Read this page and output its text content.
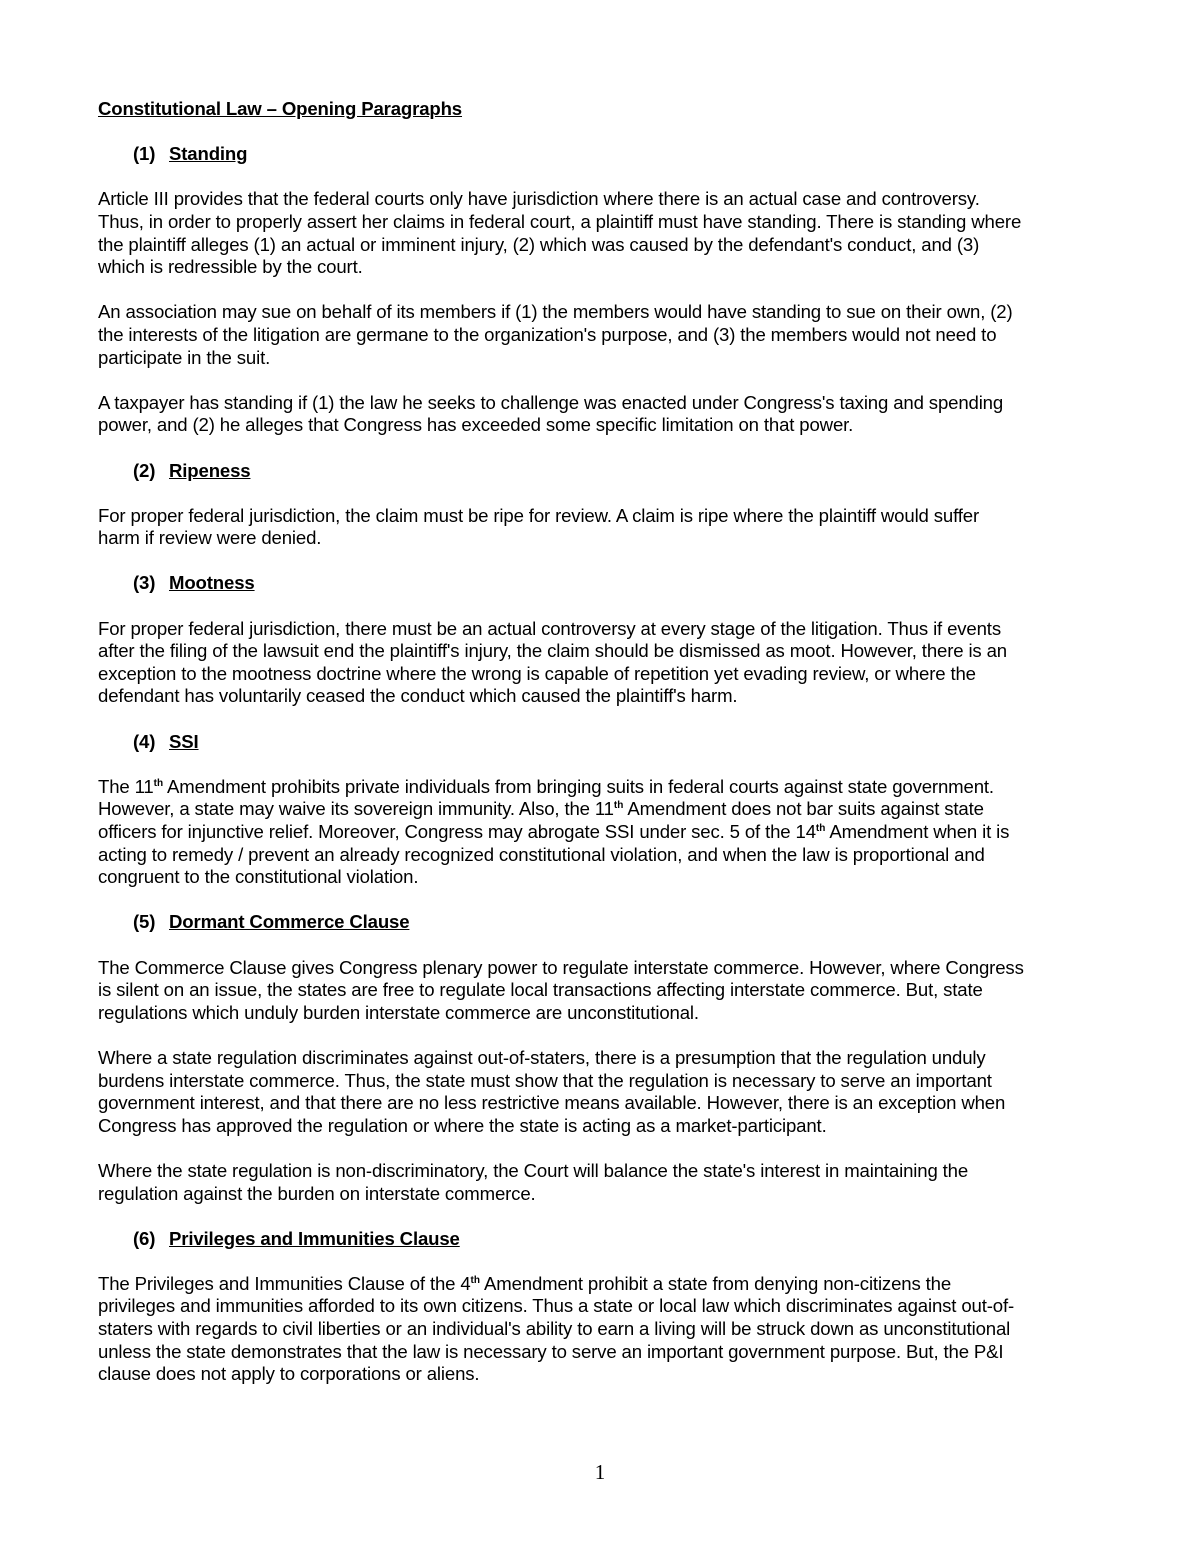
Constitutional Law – Opening Paragraphs
(1) Standing
Article III provides that the federal courts only have jurisdiction where there is an actual case and controversy.
Thus, in order to properly assert her claims in federal court, a plaintiff must have standing. There is standing where
the plaintiff alleges (1) an actual or imminent injury, (2) which was caused by the defendant's conduct, and (3)
which is redressible by the court.
An association may sue on behalf of its members if (1) the members would have standing to sue on their own, (2)
the interests of the litigation are germane to the organization's purpose, and (3) the members would not need to
participate in the suit.
A taxpayer has standing if (1) the law he seeks to challenge was enacted under Congress's taxing and spending
power, and (2) he alleges that Congress has exceeded some specific limitation on that power.
(2) Ripeness
For proper federal jurisdiction, the claim must be ripe for review. A claim is ripe where the plaintiff would suffer
harm if review were denied.
(3) Mootness
For proper federal jurisdiction, there must be an actual controversy at every stage of the litigation. Thus if events
after the filing of the lawsuit end the plaintiff's injury, the claim should be dismissed as moot. However, there is an
exception to the mootness doctrine where the wrong is capable of repetition yet evading review, or where the
defendant has voluntarily ceased the conduct which caused the plaintiff's harm.
(4) SSI
The 11th Amendment prohibits private individuals from bringing suits in federal courts against state government.
However, a state may waive its sovereign immunity. Also, the 11th Amendment does not bar suits against state
officers for injunctive relief. Moreover, Congress may abrogate SSI under sec. 5 of the 14th Amendment when it is
acting to remedy / prevent an already recognized constitutional violation, and when the law is proportional and
congruent to the constitutional violation.
(5) Dormant Commerce Clause
The Commerce Clause gives Congress plenary power to regulate interstate commerce. However, where Congress
is silent on an issue, the states are free to regulate local transactions affecting interstate commerce. But, state
regulations which unduly burden interstate commerce are unconstitutional.
Where a state regulation discriminates against out-of-staters, there is a presumption that the regulation unduly
burdens interstate commerce. Thus, the state must show that the regulation is necessary to serve an important
government interest, and that there are no less restrictive means available. However, there is an exception when
Congress has approved the regulation or where the state is acting as a market-participant.
Where the state regulation is non-discriminatory, the Court will balance the state's interest in maintaining the
regulation against the burden on interstate commerce.
(6) Privileges and Immunities Clause
The Privileges and Immunities Clause of the 4th Amendment prohibit a state from denying non-citizens the
privileges and immunities afforded to its own citizens. Thus a state or local law which discriminates against out-of-
staters with regards to civil liberties or an individual's ability to earn a living will be struck down as unconstitutional
unless the state demonstrates that the law is necessary to serve an important government purpose. But, the P&I
clause does not apply to corporations or aliens.
1
